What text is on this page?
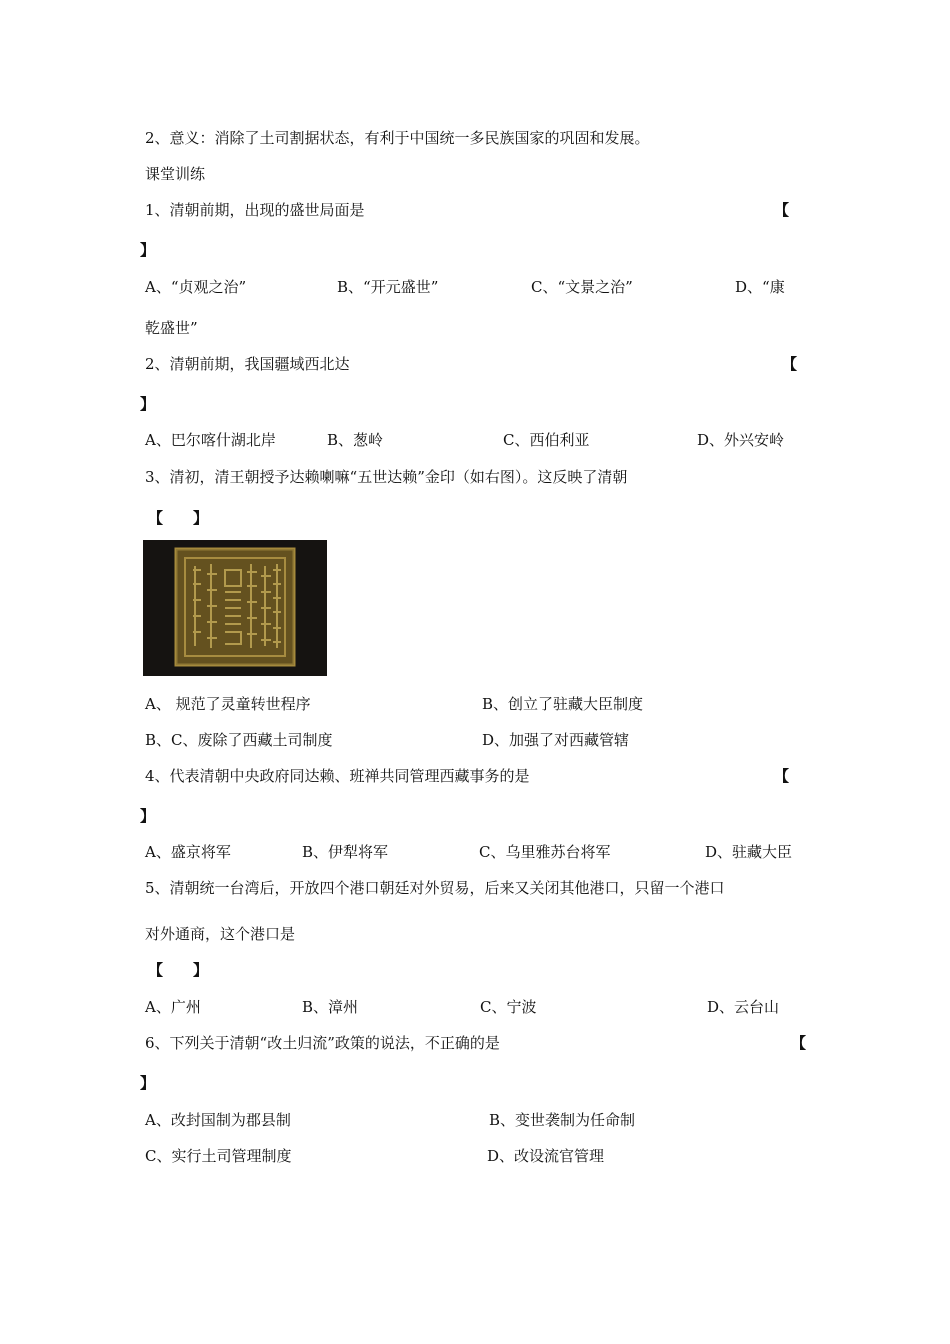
2、意义：消除了土司割据状态，有利于中国统一多民族国家的巩固和发展。
课堂训练
1、清朝前期，出现的盛世局面是	【
】
A、“贞观之治”	B、“开元盛世”	C、“文景之治”	D、“康
乾盛世”
2、清朝前期，我国疆域西北达	【
】
A、巴尔喀什湖北岸	B、葱岭	C、西伯利亚	D、外兴安岭
3、清初，清王朝授予达赖喇嘛“五世达赖”金印（如右图）。这反映了清朝
【　　】
A、 规范了灵童转世程序	B、创立了驻藏大臣制度
B、C、废除了西藏土司制度	D、加强了对西藏管辖
4、代表清朝中央政府同达赖、班禅共同管理西藏事务的是	【
】
A、盛京将军	B、伊犁将军	C、乌里雅苏台将军	D、驻藏大臣
5、清朝统一台湾后，开放四个港口朝廷对外贸易，后来又关闭其他港口，只留一个港口
对外通商，这个港口是
【　　】
A、广州	B、漳州	C、宁波	D、云台山
6、下列关于清朝“改土归流”政策的说法，不正确的是	【
】
A、改封国制为郡县制	B、变世袭制为任命制
C、实行土司管理制度	D、改设流官管理
